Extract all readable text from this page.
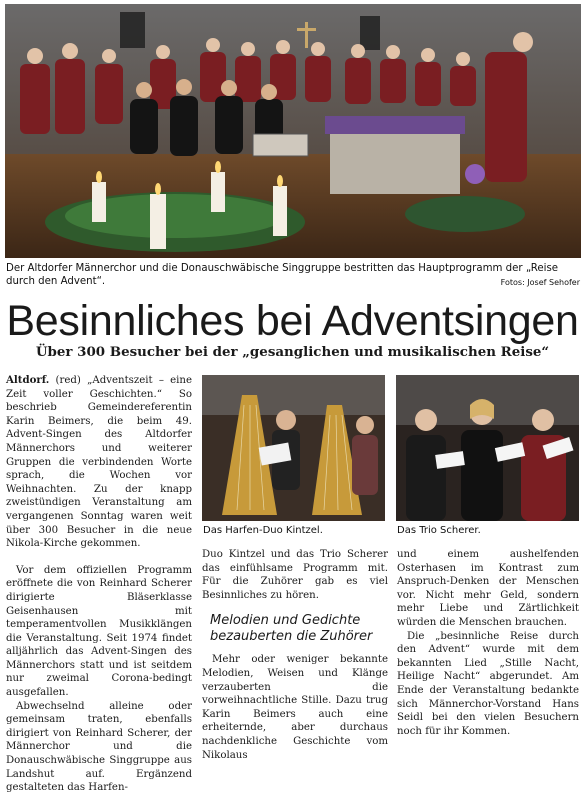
Der Altdorfer Männerchor und die Donauschwäbische Singgruppe bestritten das Hauptprogramm der „Reise durch den Advent“.	Fotos: Josef Sehofer
Besinnliches bei Adventsingen
Über 300 Besucher bei der „gesanglichen und musikalischen Reise“

Altdorf. (red) „Adventszeit – eine Zeit voller Geschichten.“ So beschrieb Gemeindereferentin Karin Beimers, die beim 49. Advent-Singen des Altdorfer Männerchors und weiterer Gruppen die verbindenden Worte sprach, die Wochen vor Weihnachten. Zu der knapp zweistündigen Veranstaltung am vergangenen Sonntag waren weit über 300 Besucher in die neue Nikola-Kirche gekommen.

Vor dem offiziellen Programm eröffnete die von Reinhard Scherer dirigierte Bläserklasse Geisenhausen mit temperamentvollen Musikklängen die Veranstaltung. Seit 1974 findet alljährlich das Advent-Singen des Männerchors statt und ist seitdem nur zweimal Corona-bedingt ausgefallen.

Abwechselnd alleine oder gemeinsam traten, ebenfalls dirigiert von Reinhard Scherer, der Männerchor und die Donauschwäbische Singgruppe aus Landshut auf. Ergänzend gestalteten das Harfen-

Das Harfen-Duo Kintzel.	Das Trio Scherer.

Duo Kintzel und das Trio Scherer das einfühlsame Programm mit. Für die Zuhörer gab es viel Besinnliches zu hören.

Melodien und Gedichte bezauberten die Zuhörer

Mehr oder weniger bekannte Melodien, Weisen und Klänge verzauberten die vorweihnachtliche Stille. Dazu trug Karin Beimers auch eine erheiternde, aber durchaus nachdenkliche Geschichte vom Nikolaus

und einem aushelfenden Osterhasen im Kontrast zum Anspruch-Denken der Menschen vor. Nicht mehr Geld, sondern mehr Liebe und Zärtlichkeit würden die Menschen brauchen.

Die „besinnliche Reise durch den Advent“ wurde mit dem bekannten Lied „Stille Nacht, Heilige Nacht“ abgerundet. Am Ende der Veranstaltung bedankte sich Männerchor-Vorstand Hans Seidl bei den vielen Besuchern noch für ihr Kommen.
